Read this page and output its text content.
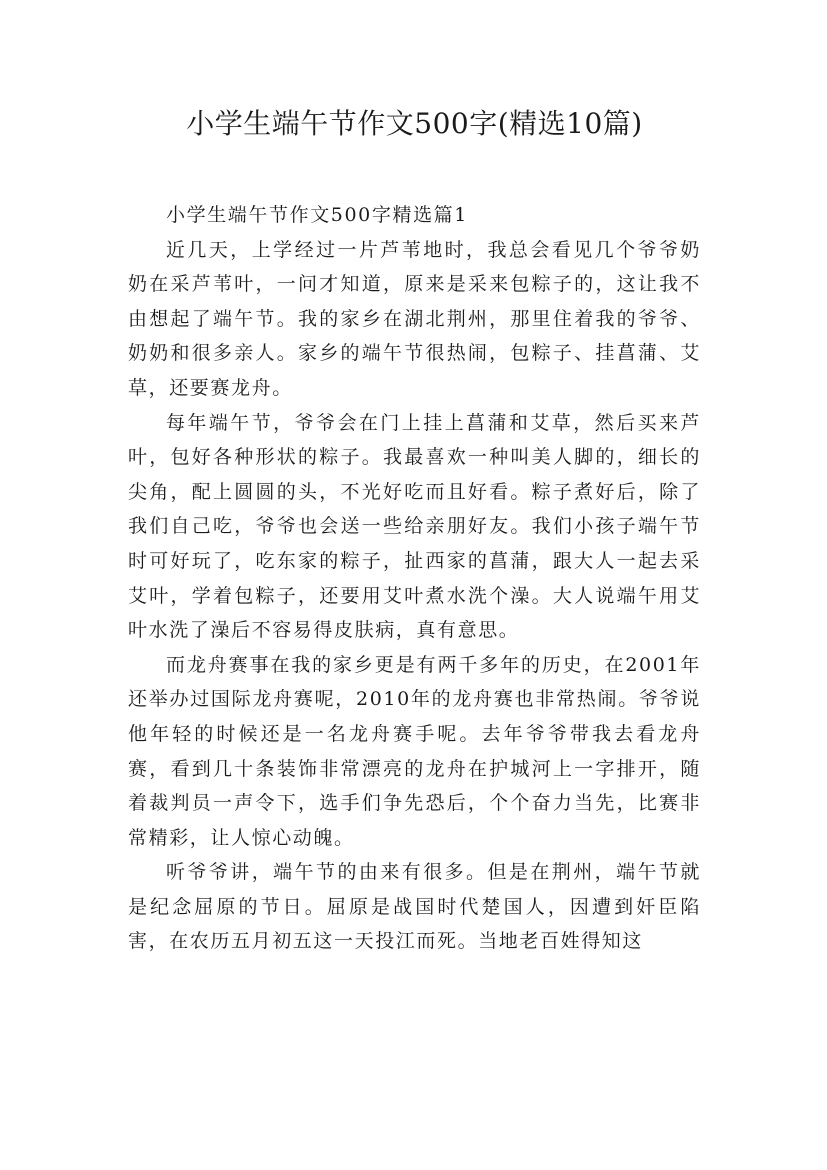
小学生端午节作文500字(精选10篇)

小学生端午节作文500字精选篇1

近几天，上学经过一片芦苇地时，我总会看见几个爷爷奶奶在采芦苇叶，一问才知道，原来是采来包粽子的，这让我不由想起了端午节。我的家乡在湖北荆州，那里住着我的爷爷、奶奶和很多亲人。家乡的端午节很热闹，包粽子、挂菖蒲、艾草，还要赛龙舟。

每年端午节，爷爷会在门上挂上菖蒲和艾草，然后买来芦叶，包好各种形状的粽子。我最喜欢一种叫美人脚的，细长的尖角，配上圆圆的头，不光好吃而且好看。粽子煮好后，除了我们自己吃，爷爷也会送一些给亲朋好友。我们小孩子端午节时可好玩了，吃东家的粽子，扯西家的菖蒲，跟大人一起去采艾叶，学着包粽子，还要用艾叶煮水洗个澡。大人说端午用艾叶水洗了澡后不容易得皮肤病，真有意思。

而龙舟赛事在我的家乡更是有两千多年的历史，在2001年还举办过国际龙舟赛呢，2010年的龙舟赛也非常热闹。爷爷说他年轻的时候还是一名龙舟赛手呢。去年爷爷带我去看龙舟赛，看到几十条装饰非常漂亮的龙舟在护城河上一字排开，随着裁判员一声令下，选手们争先恐后，个个奋力当先，比赛非常精彩，让人惊心动魄。

听爷爷讲，端午节的由来有很多。但是在荆州，端午节就是纪念屈原的节日。屈原是战国时代楚国人，因遭到奸臣陷害，在农历五月初五这一天投江而死。当地老百姓得知这
